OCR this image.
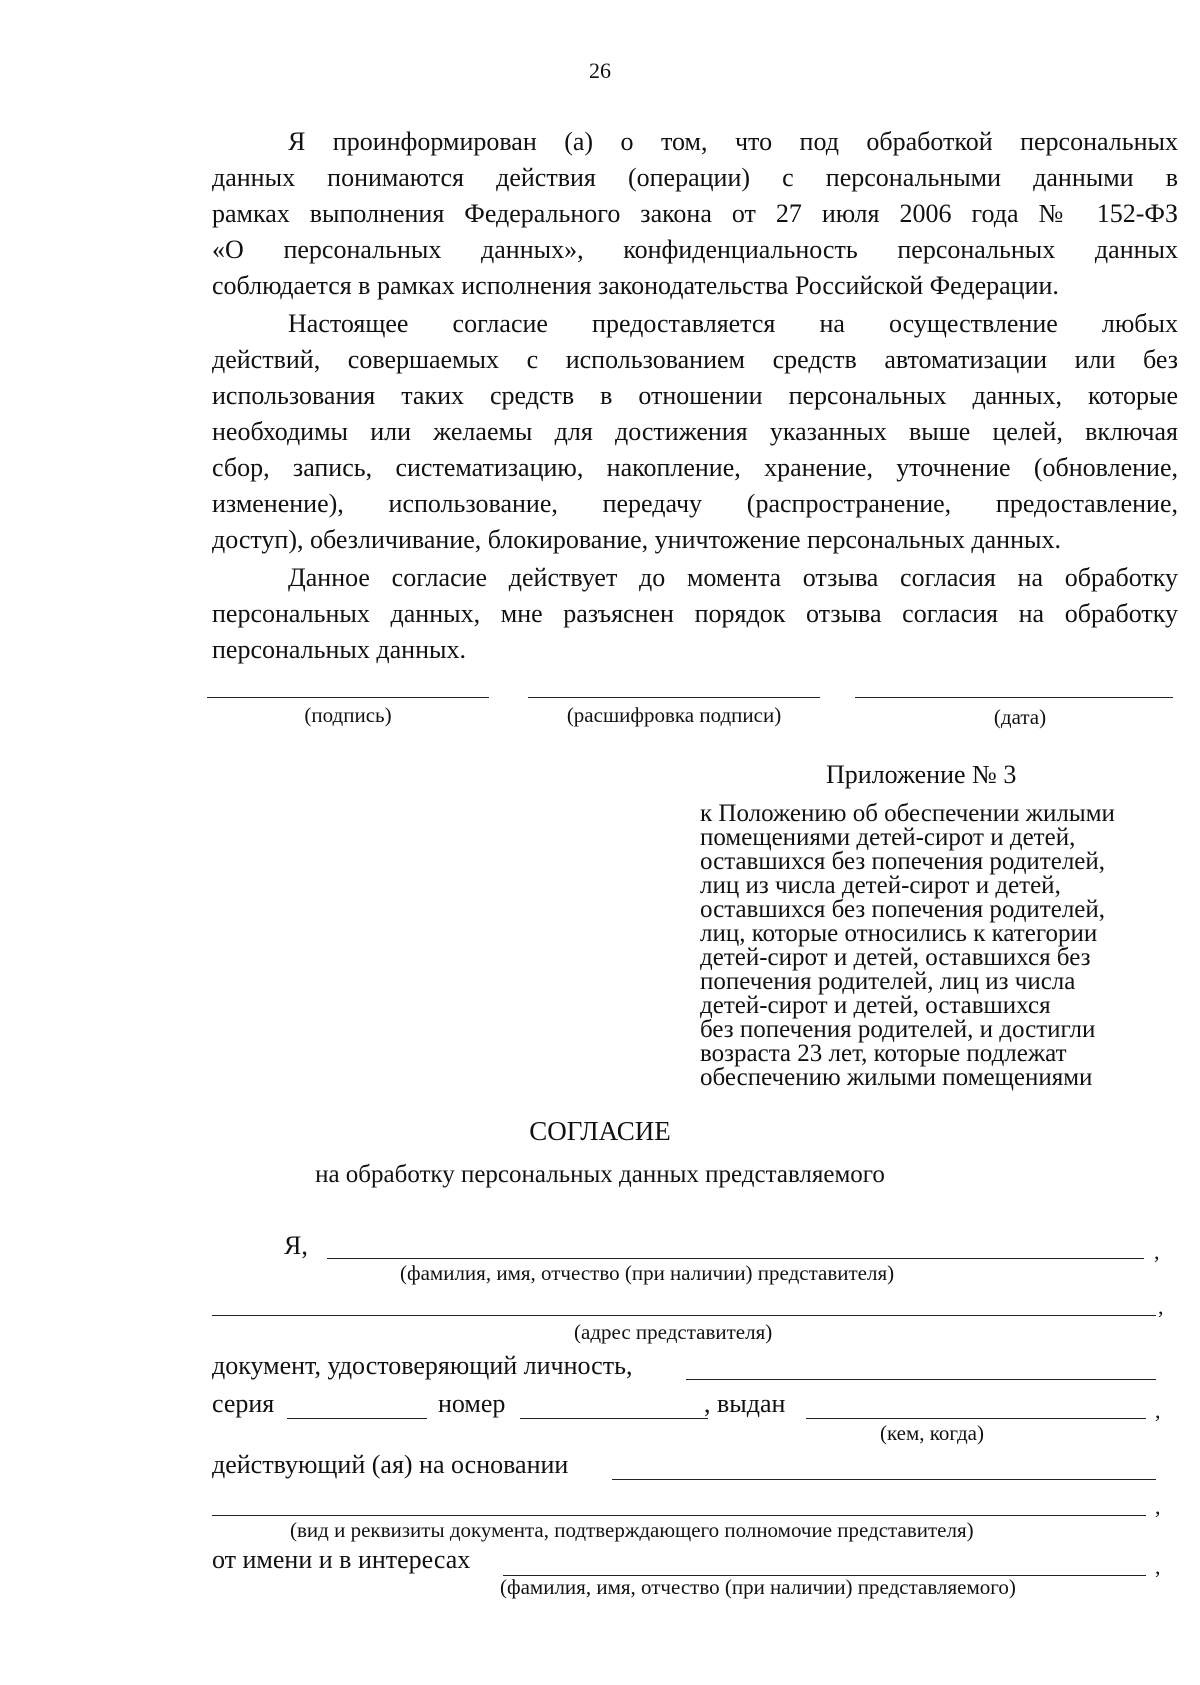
26
Я проинформирован (а) о том, что под обработкой персональных
данных понимаются действия (операции) с персональными данными в
рамках выполнения Федерального закона от 27 июля 2006 года № 152-ФЗ
«О персональных данных», конфиденциальность персональных данных
соблюдается в рамках исполнения законодательства Российской Федерации.
Настоящее согласие предоставляется на осуществление любых
действий, совершаемых с использованием средств автоматизации или без
использования таких средств в отношении персональных данных, которые
необходимы или желаемы для достижения указанных выше целей, включая
сбор, запись, систематизацию, накопление, хранение, уточнение (обновление,
изменение), использование, передачу (распространение, предоставление,
доступ), обезличивание, блокирование, уничтожение персональных данных.
Данное согласие действует до момента отзыва согласия на обработку
персональных данных, мне разъяснен порядок отзыва согласия на обработку
персональных данных.
(подпись)	(расшифровка подписи)	(дата)
Приложение № 3
к Положению об обеспечении жилыми
помещениями детей-сирот и детей,
оставшихся без попечения родителей,
лиц из числа детей-сирот и детей,
оставшихся без попечения родителей,
лиц, которые относились к категории
детей-сирот и детей, оставшихся без
попечения родителей, лиц из числа
детей-сирот и детей, оставшихся
без попечения родителей, и достигли
возраста 23 лет, которые подлежат
обеспечению жилыми помещениями
СОГЛАСИЕ
на обработку персональных данных представляемого
Я,	,
(фамилия, имя, отчество (при наличии) представителя)
,
(адрес представителя)
документ, удостоверяющий личность,
серия	номер	, выдан	,
(кем, когда)
действующий (ая) на основании
,
(вид и реквизиты документа, подтверждающего полномочие представителя)
от имени и в интересах	,
(фамилия, имя, отчество (при наличии) представляемого)
